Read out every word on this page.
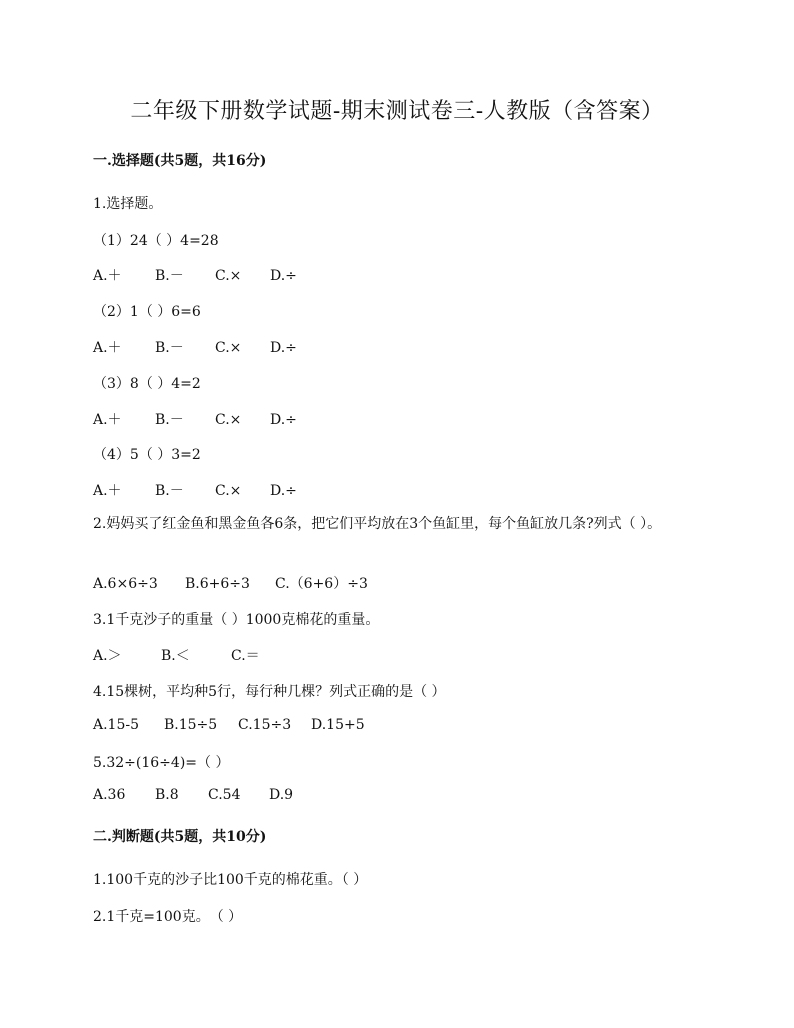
二年级下册数学试题-期末测试卷三-人教版（含答案）
一.选择题(共5题，共16分)
1.选择题。
（1）24（ ）4=28
A.＋ B.－ C.× D.÷
（2）1（ ）6=6
A.＋ B.－ C.× D.÷
（3）8（ ）4=2
A.＋ B.－ C.× D.÷
（4）5（ ）3=2
A.＋ B.－ C.× D.÷
2.妈妈买了红金鱼和黑金鱼各6条，把它们平均放在3个鱼缸里，每个鱼缸放几条?列式（ ）。
A.6×6÷3 B.6+6÷3 C.（6+6）÷3
3.1千克沙子的重量（ ）1000克棉花的重量。
A.＞	B.＜	C.＝
4.15棵树，平均种5行，每行种几棵？列式正确的是（ ）
A.15-5 B.15÷5 C.15÷3 D.15+5
5.32÷(16÷4)=（ ）
A.36 B.8 C.54 D.9
二.判断题(共5题，共10分)
1.100千克的沙子比100千克的棉花重。（ ）
2.1千克=100克。　（ ）
